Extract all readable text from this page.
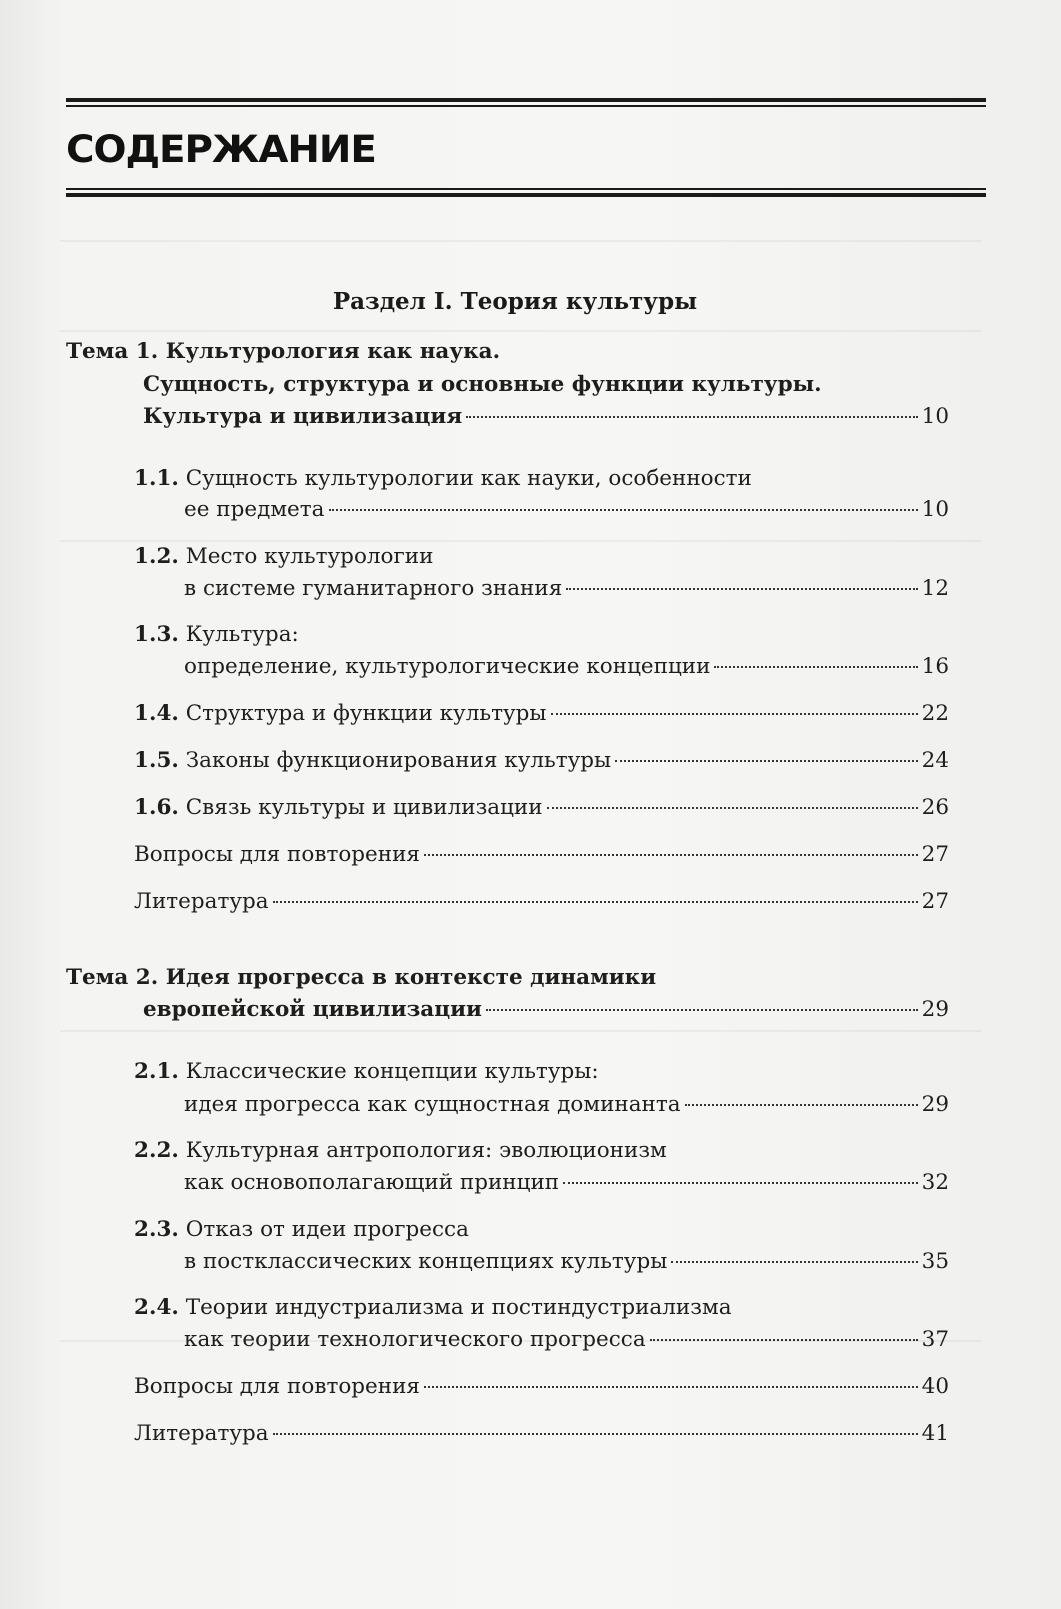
СОДЕРЖАНИЕ
Раздел I. Теория культуры
Тема 1. Культурология как наука.
Сущность, структура и основные функции культуры.
Культура и цивилизация	10
1.1. Сущность культурологии как науки, особенности
ее предмета	10
1.2. Место культурологии
в системе гуманитарного знания	12
1.3. Культура:
определение, культурологические концепции	16
1.4. Структура и функции культуры	22
1.5. Законы функционирования культуры	24
1.6. Связь культуры и цивилизации	26
Вопросы для повторения	27
Литература	27
Тема 2. Идея прогресса в контексте динамики
европейской цивилизации	29
2.1. Классические концепции культуры:
идея прогресса как сущностная доминанта	29
2.2. Культурная антропология: эволюционизм
как основополагающий принцип	32
2.3. Отказ от идеи прогресса
в постклассических концепциях культуры	35
2.4. Теории индустриализма и постиндустриализма
как теории технологического прогресса	37
Вопросы для повторения	40
Литература	41
